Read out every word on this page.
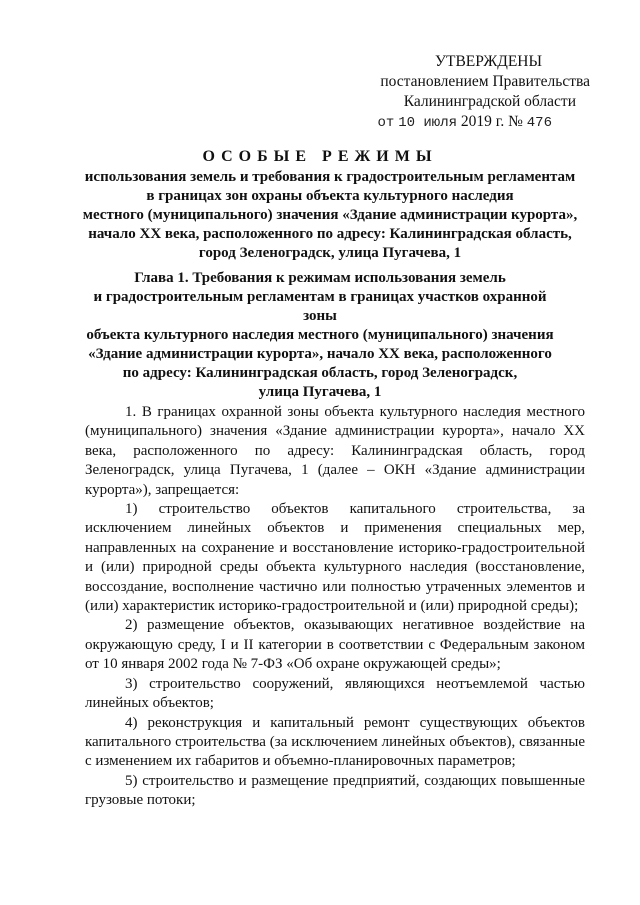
УТВЕРЖДЕНЫ
постановлением Правительства
Калининградской области
от 10 июля 2019 г. № 476
ОСОБЫЕ РЕЖИМЫ
использования земель и требования к градостроительным регламентам
в границах зон охраны объекта культурного наследия
местного (муниципального) значения «Здание администрации курорта»,
начало XX века, расположенного по адресу: Калининградская область,
город Зеленоградск, улица Пугачева, 1
Глава 1. Требования к режимам использования земель
и градостроительным регламентам в границах участков охранной зоны
объекта культурного наследия местного (муниципального) значения
«Здание администрации курорта», начало XX века, расположенного
по адресу: Калининградская область, город Зеленоградск,
улица Пугачева, 1

1. В границах охранной зоны объекта культурного наследия местного (муниципального) значения «Здание администрации курорта», начало XX века, расположенного по адресу: Калининградская область, город Зеленоградск, улица Пугачева, 1 (далее – ОКН «Здание администрации курорта»), запрещается:

1) строительство объектов капитального строительства, за исключением линейных объектов и применения специальных мер, направленных на сохранение и восстановление историко-градостроительной и (или) природной среды объекта культурного наследия (восстановление, воссоздание, восполнение частично или полностью утраченных элементов и (или) характеристик историко-градостроительной и (или) природной среды);

2) размещение объектов, оказывающих негативное воздействие на окружающую среду, I и II категории в соответствии с Федеральным законом от 10 января 2002 года № 7-ФЗ «Об охране окружающей среды»;

3) строительство сооружений, являющихся неотъемлемой частью линейных объектов;

4) реконструкция и капитальный ремонт существующих объектов капитального строительства (за исключением линейных объектов), связанные с изменением их габаритов и объемно-планировочных параметров;

5) строительство и размещение предприятий, создающих повышенные грузовые потоки;
